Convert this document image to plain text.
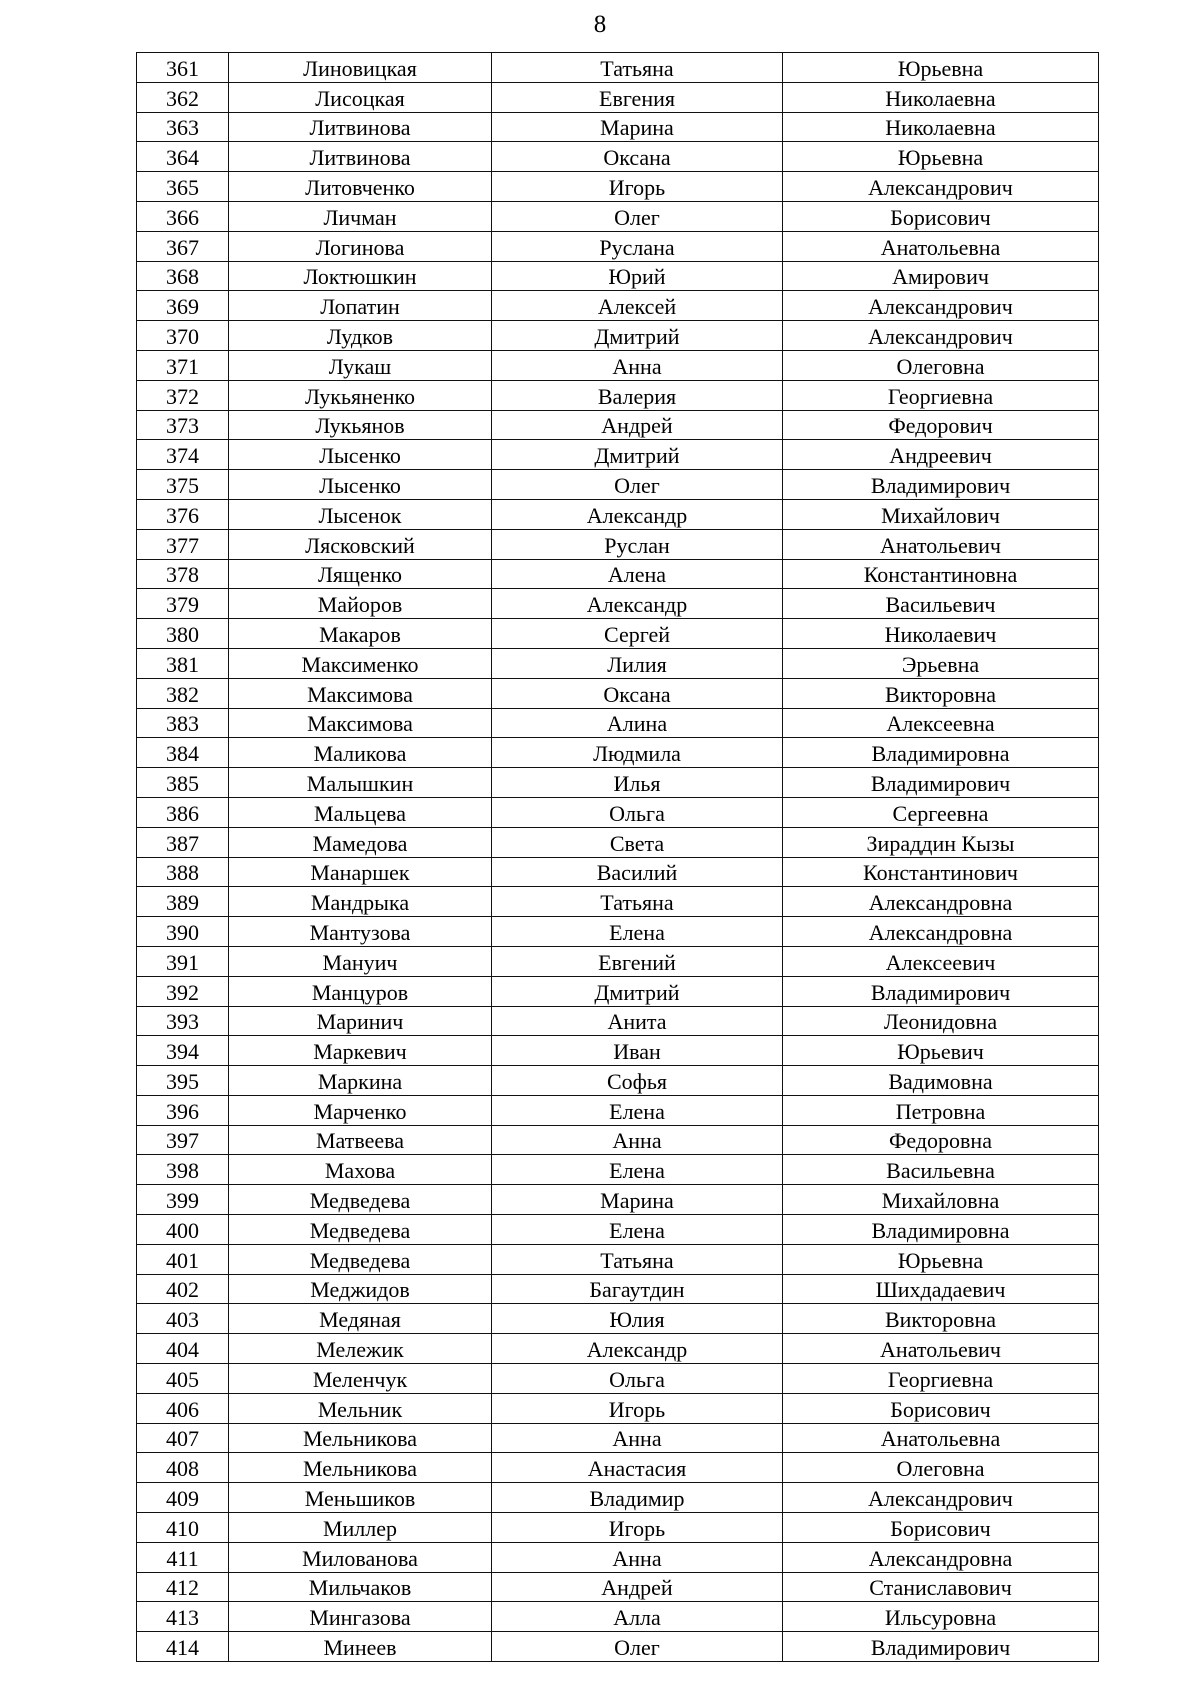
8
361	Линовицкая	Татьяна	Юрьевна
362	Лисоцкая	Евгения	Николаевна
363	Литвинова	Марина	Николаевна
364	Литвинова	Оксана	Юрьевна
365	Литовченко	Игорь	Александрович
366	Личман	Олег	Борисович
367	Логинова	Руслана	Анатольевна
368	Локтюшкин	Юрий	Амирович
369	Лопатин	Алексей	Александрович
370	Лудков	Дмитрий	Александрович
371	Лукаш	Анна	Олеговна
372	Лукьяненко	Валерия	Георгиевна
373	Лукьянов	Андрей	Федорович
374	Лысенко	Дмитрий	Андреевич
375	Лысенко	Олег	Владимирович
376	Лысенок	Александр	Михайлович
377	Лясковский	Руслан	Анатольевич
378	Лященко	Алена	Константиновна
379	Майоров	Александр	Васильевич
380	Макаров	Сергей	Николаевич
381	Максименко	Лилия	Эрьевна
382	Максимова	Оксана	Викторовна
383	Максимова	Алина	Алексеевна
384	Маликова	Людмила	Владимировна
385	Малышкин	Илья	Владимирович
386	Мальцева	Ольга	Сергеевна
387	Мамедова	Света	Зираддин Кызы
388	Манаршек	Василий	Константинович
389	Мандрыка	Татьяна	Александровна
390	Мантузова	Елена	Александровна
391	Мануич	Евгений	Алексеевич
392	Манцуров	Дмитрий	Владимирович
393	Маринич	Анита	Леонидовна
394	Маркевич	Иван	Юрьевич
395	Маркина	Софья	Вадимовна
396	Марченко	Елена	Петровна
397	Матвеева	Анна	Федоровна
398	Махова	Елена	Васильевна
399	Медведева	Марина	Михайловна
400	Медведева	Елена	Владимировна
401	Медведева	Татьяна	Юрьевна
402	Меджидов	Багаутдин	Шихдадаевич
403	Медяная	Юлия	Викторовна
404	Мележик	Александр	Анатольевич
405	Меленчук	Ольга	Георгиевна
406	Мельник	Игорь	Борисович
407	Мельникова	Анна	Анатольевна
408	Мельникова	Анастасия	Олеговна
409	Меньшиков	Владимир	Александрович
410	Миллер	Игорь	Борисович
411	Милованова	Анна	Александровна
412	Мильчаков	Андрей	Станиславович
413	Мингазова	Алла	Ильсуровна
414	Минеев	Олег	Владимирович
